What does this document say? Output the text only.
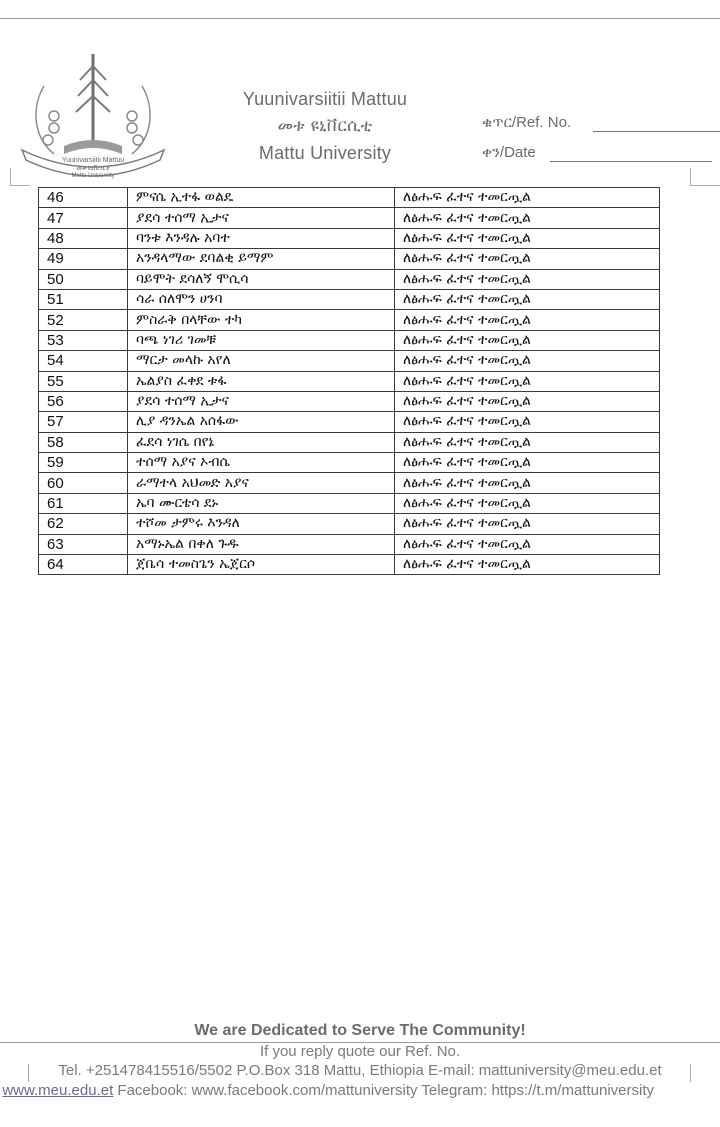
Yuunivarsiitii Mattuu
መቱ ዩኒቨርሲቲ
Mattu University
Yuunivarsiitii Mattuu
መቱ ዩኒቨርሲቲ
Mattu University
ቁጥር/Ref. No.
ቀን/Date
46	ምናሴ ኢተፋ ወልዴ	ለፅሑፍ ፈተና ተመርጧል
47	ያደሳ ተሰማ ኢታና	ለፅሑፍ ፈተና ተመርጧል
48	ባንቱ እንዳሉ አባተ	ለፅሑፍ ፈተና ተመርጧል
49	አንዳላማው ደባልቂ ይማም	ለፅሑፍ ፈተና ተመርጧል
50	ባይሞት ደሳለኝ ሞሲሳ	ለፅሑፍ ፈተና ተመርጧል
51	ሳራ ሰለሞን ሀንባ	ለፅሑፍ ፈተና ተመርጧል
52	ምስራቅ በላቸው ተካ	ለፅሑፍ ፈተና ተመርጧል
53	ባጫ ነገሪ ገመቹ	ለፅሑፍ ፈተና ተመርጧል
54	ማርታ መላኩ አየለ	ለፅሑፍ ፈተና ተመርጧል
55	ኤልያስ ፈቀደ ቱፋ	ለፅሑፍ ፈተና ተመርጧል
56	ያደሳ ተሰማ ኢታና	ለፅሑፍ ፈተና ተመርጧል
57	ሊያ ዳንኤል አሰፋው	ለፅሑፍ ፈተና ተመርጧል
58	ፈደሳ ነገሴ በየኔ	ለፅሑፍ ፈተና ተመርጧል
59	ተሰማ አያና ኦብሴ	ለፅሑፍ ፈተና ተመርጧል
60	ራማተላ አህመድ አያና	ለፅሑፍ ፈተና ተመርጧል
61	ኤባ ሙርቴሳ ደኑ	ለፅሑፍ ፈተና ተመርጧል
62	ተሾመ ታምሩ እንዳለ	ለፅሑፍ ፈተና ተመርጧል
63	አማኑኤል በቀለ ጉዱ	ለፅሑፍ ፈተና ተመርጧል
64	ጀቤሳ ተመስጌን ኤጀርሶ	ለፅሑፍ ፈተና ተመርጧል
We are Dedicated to Serve The Community!
If you reply quote our Ref. No.
Tel. +251478415516/5502 P.O.Box 318 Mattu, Ethiopia E-mail: mattuniversity@meu.edu.et
www.meu.edu.et Facebook: www.facebook.com/mattuniversity Telegram: https://t.m/mattuniversity
